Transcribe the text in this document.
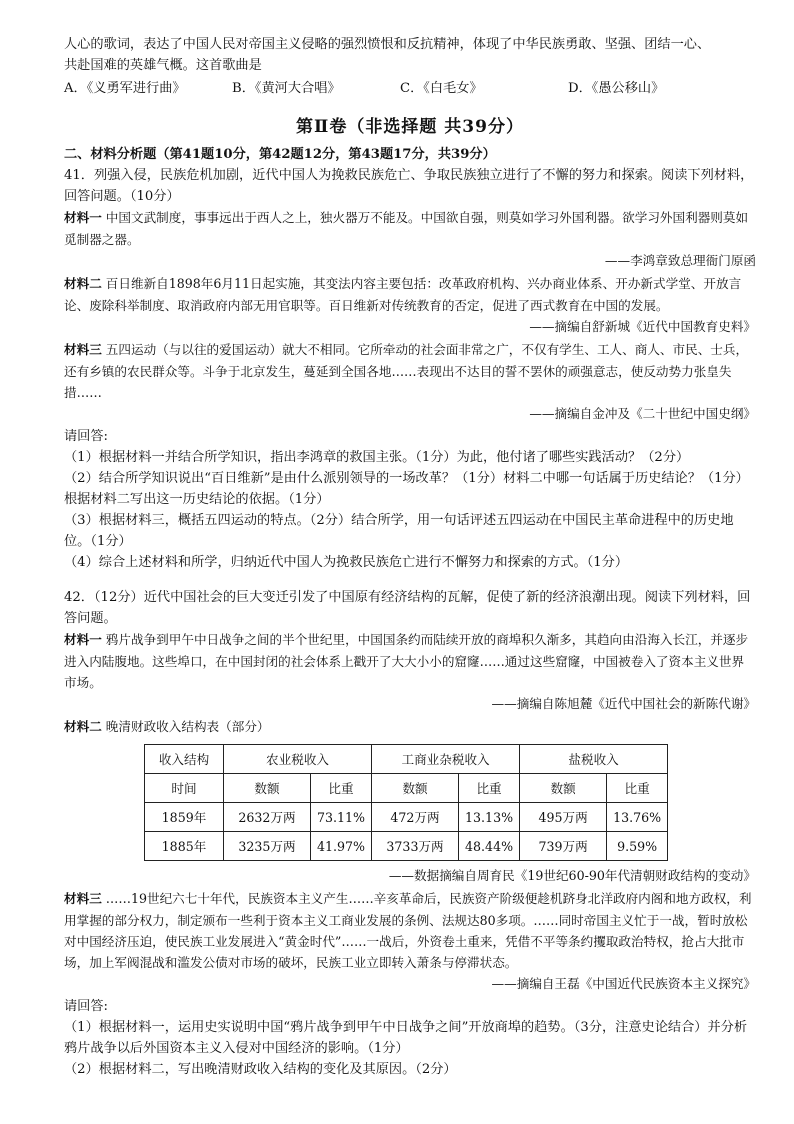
人心的歌词，表达了中国人民对帝国主义侵略的强烈愤恨和反抗精神，体现了中华民族勇敢、坚强、团结一心、

共赴国难的英雄气概。这首歌曲是

A．《义勇军进行曲》	B．《黄河大合唱》	C．《白毛女》	D．《愚公移山》
第Ⅱ卷（非选择题 共39分）

二、材料分析题（第41题10分，第42题12分，第43题17分，共39分）

41．列强入侵，民族危机加剧，近代中国人为挽救民族危亡、争取民族独立进行了不懈的努力和探索。阅读下列材料，回答问题。（10分）

材料一 中国文武制度，事事远出于西人之上，独火器万不能及。中国欲自强，则莫如学习外国利器。欲学习外国利器则莫如觅制器之器。

——李鸿章致总理衙门原函

材料二 百日维新自1898年6月11日起实施，其变法内容主要包括：改革政府机构、兴办商业体系、开办新式学堂、开放言论、废除科举制度、取消政府内部无用官职等。百日维新对传统教育的否定，促进了西式教育在中国的发展。

——摘编自舒新城《近代中国教育史料》

材料三 五四运动（与以往的爱国运动）就大不相同。它所牵动的社会面非常之广，不仅有学生、工人、商人、市民、士兵，还有乡镇的农民群众等。斗争于北京发生，蔓延到全国各地……表现出不达目的誓不罢休的顽强意志，使反动势力张皇失措……

——摘编自金冲及《二十世纪中国史纲》

请回答:

（1）根据材料一并结合所学知识，指出李鸿章的救国主张。（1分）为此，他付诸了哪些实践活动？（2分）

（2）结合所学知识说出“百日维新”是由什么派别领导的一场改革？（1分）材料二中哪一句话属于历史结论？（1分）根据材料二写出这一历史结论的依据。（1分）

（3）根据材料三，概括五四运动的特点。（2分）结合所学，用一句话评述五四运动在中国民主革命进程中的历史地位。（1分）

（4）综合上述材料和所学，归纳近代中国人为挽救民族危亡进行不懈努力和探索的方式。（1分）

42．（12分）近代中国社会的巨大变迁引发了中国原有经济结构的瓦解，促使了新的经济浪潮出现。阅读下列材料，回答问题。

材料一 鸦片战争到甲午中日战争之间的半个世纪里，中国国条约而陆续开放的商埠积久渐多，其趋向由沿海入长江，并逐步进入内陆腹地。这些埠口，在中国封闭的社会体系上戳开了大大小小的窟窿……通过这些窟窿，中国被卷入了资本主义世界市场。

——摘编自陈旭麓《近代中国社会的新陈代谢》

材料二 晚清财政收入结构表（部分）

收入结构	农业税收入		工商业杂税收入		盐税收入	
时间	数额	比重	数额	比重	数额	比重
1859年	2632万两	73.11%	472万两	13.13%	495万两	13.76%
1885年	3235万两	41.97%	3733万两	48.44%	739万两	9.59%

——数据摘编自周育民《19世纪60-90年代清朝财政结构的变动》

材料三 ……19世纪六七十年代，民族资本主义产生……辛亥革命后，民族资产阶级便趁机跻身北洋政府内阁和地方政权，利用掌握的部分权力，制定颁布一些利于资本主义工商业发展的条例、法规达80多项。……同时帝国主义忙于一战，暂时放松对中国经济压迫，使民族工业发展进入“黄金时代”……一战后，外资卷土重来，凭借不平等条约攫取政治特权，抢占大批市场，加上军阀混战和滥发公债对市场的破坏，民族工业立即转入萧条与停滞状态。

——摘编自王磊《中国近代民族资本主义探究》

请回答:

（1）根据材料一，运用史实说明中国“鸦片战争到甲午中日战争之间”开放商埠的趋势。（3分，注意史论结合）并分析鸦片战争以后外国资本主义入侵对中国经济的影响。（1分）

（2）根据材料二，写出晚清财政收入结构的变化及其原因。（2分）
